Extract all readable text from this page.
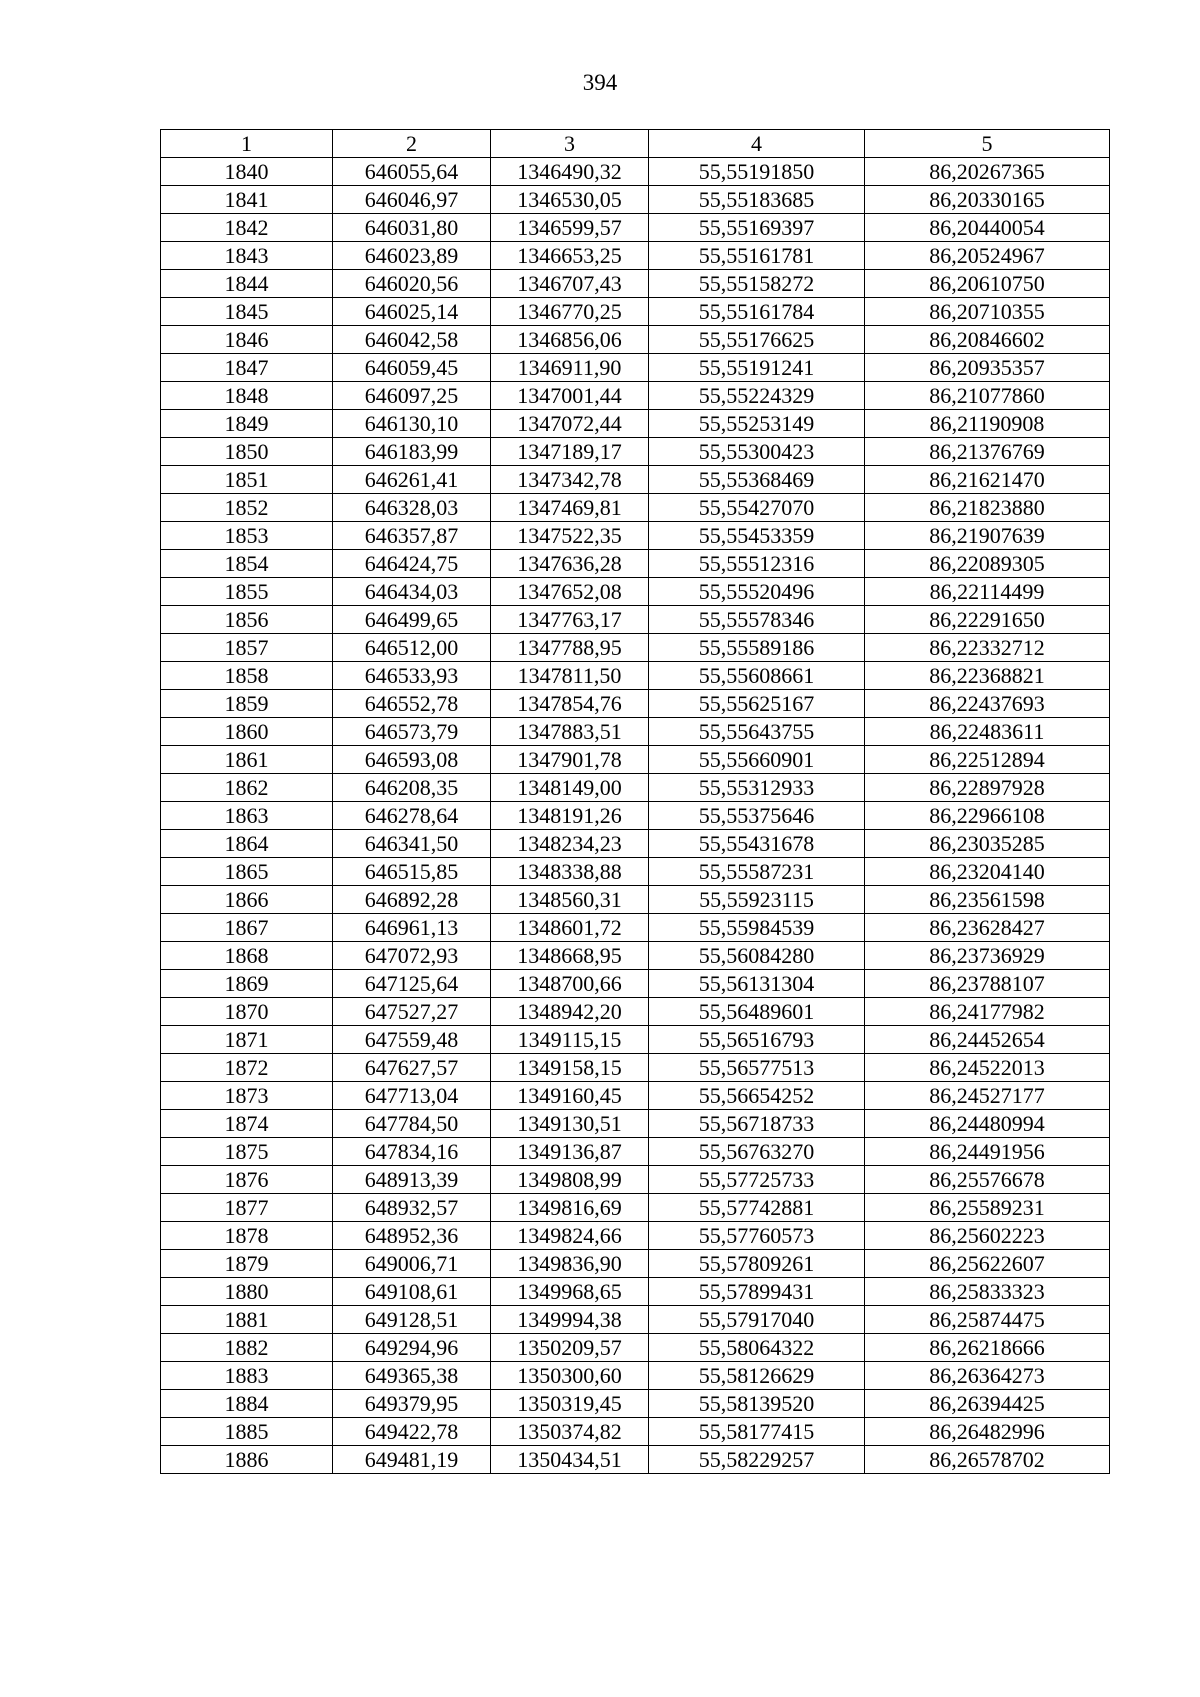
394
1	2	3	4	5
1840	646055,64	1346490,32	55,55191850	86,20267365
1841	646046,97	1346530,05	55,55183685	86,20330165
1842	646031,80	1346599,57	55,55169397	86,20440054
1843	646023,89	1346653,25	55,55161781	86,20524967
1844	646020,56	1346707,43	55,55158272	86,20610750
1845	646025,14	1346770,25	55,55161784	86,20710355
1846	646042,58	1346856,06	55,55176625	86,20846602
1847	646059,45	1346911,90	55,55191241	86,20935357
1848	646097,25	1347001,44	55,55224329	86,21077860
1849	646130,10	1347072,44	55,55253149	86,21190908
1850	646183,99	1347189,17	55,55300423	86,21376769
1851	646261,41	1347342,78	55,55368469	86,21621470
1852	646328,03	1347469,81	55,55427070	86,21823880
1853	646357,87	1347522,35	55,55453359	86,21907639
1854	646424,75	1347636,28	55,55512316	86,22089305
1855	646434,03	1347652,08	55,55520496	86,22114499
1856	646499,65	1347763,17	55,55578346	86,22291650
1857	646512,00	1347788,95	55,55589186	86,22332712
1858	646533,93	1347811,50	55,55608661	86,22368821
1859	646552,78	1347854,76	55,55625167	86,22437693
1860	646573,79	1347883,51	55,55643755	86,22483611
1861	646593,08	1347901,78	55,55660901	86,22512894
1862	646208,35	1348149,00	55,55312933	86,22897928
1863	646278,64	1348191,26	55,55375646	86,22966108
1864	646341,50	1348234,23	55,55431678	86,23035285
1865	646515,85	1348338,88	55,55587231	86,23204140
1866	646892,28	1348560,31	55,55923115	86,23561598
1867	646961,13	1348601,72	55,55984539	86,23628427
1868	647072,93	1348668,95	55,56084280	86,23736929
1869	647125,64	1348700,66	55,56131304	86,23788107
1870	647527,27	1348942,20	55,56489601	86,24177982
1871	647559,48	1349115,15	55,56516793	86,24452654
1872	647627,57	1349158,15	55,56577513	86,24522013
1873	647713,04	1349160,45	55,56654252	86,24527177
1874	647784,50	1349130,51	55,56718733	86,24480994
1875	647834,16	1349136,87	55,56763270	86,24491956
1876	648913,39	1349808,99	55,57725733	86,25576678
1877	648932,57	1349816,69	55,57742881	86,25589231
1878	648952,36	1349824,66	55,57760573	86,25602223
1879	649006,71	1349836,90	55,57809261	86,25622607
1880	649108,61	1349968,65	55,57899431	86,25833323
1881	649128,51	1349994,38	55,57917040	86,25874475
1882	649294,96	1350209,57	55,58064322	86,26218666
1883	649365,38	1350300,60	55,58126629	86,26364273
1884	649379,95	1350319,45	55,58139520	86,26394425
1885	649422,78	1350374,82	55,58177415	86,26482996
1886	649481,19	1350434,51	55,58229257	86,26578702
